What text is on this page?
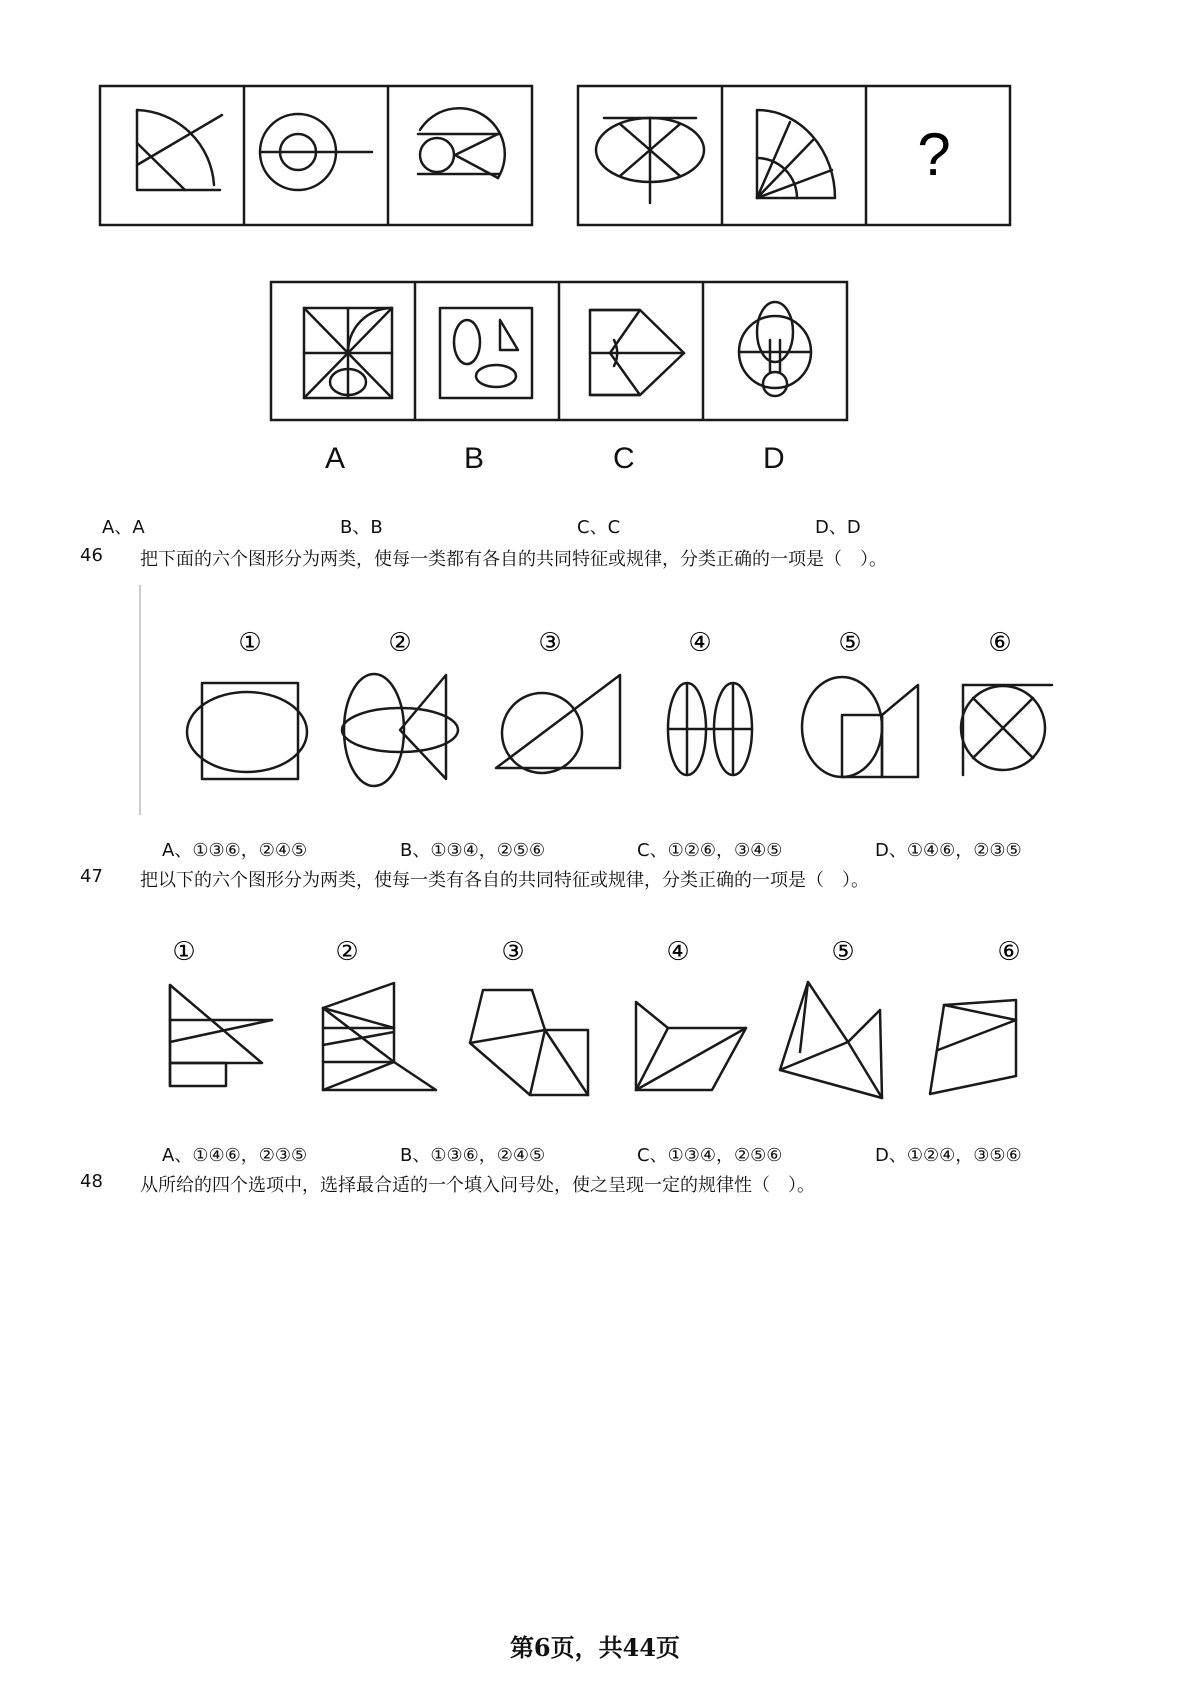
?
A	B	C	D
A、A	B、B	C、C	D、D
46 把下面的六个图形分为两类，使每一类都有各自的共同特征或规律，分类正确的一项是（　）。
①	②	③	④	⑤	⑥
A、①③⑥，②④⑤	B、①③④，②⑤⑥	C、①②⑥，③④⑤	D、①④⑥，②③⑤
47 把以下的六个图形分为两类，使每一类有各自的共同特征或规律，分类正确的一项是（　）。
①	②	③	④	⑤	⑥
A、①④⑥，②③⑤	B、①③⑥，②④⑤	C、①③④，②⑤⑥	D、①②④，③⑤⑥
48 从所给的四个选项中，选择最合适的一个填入问号处，使之呈现一定的规律性（　）。
第6页，共44页
